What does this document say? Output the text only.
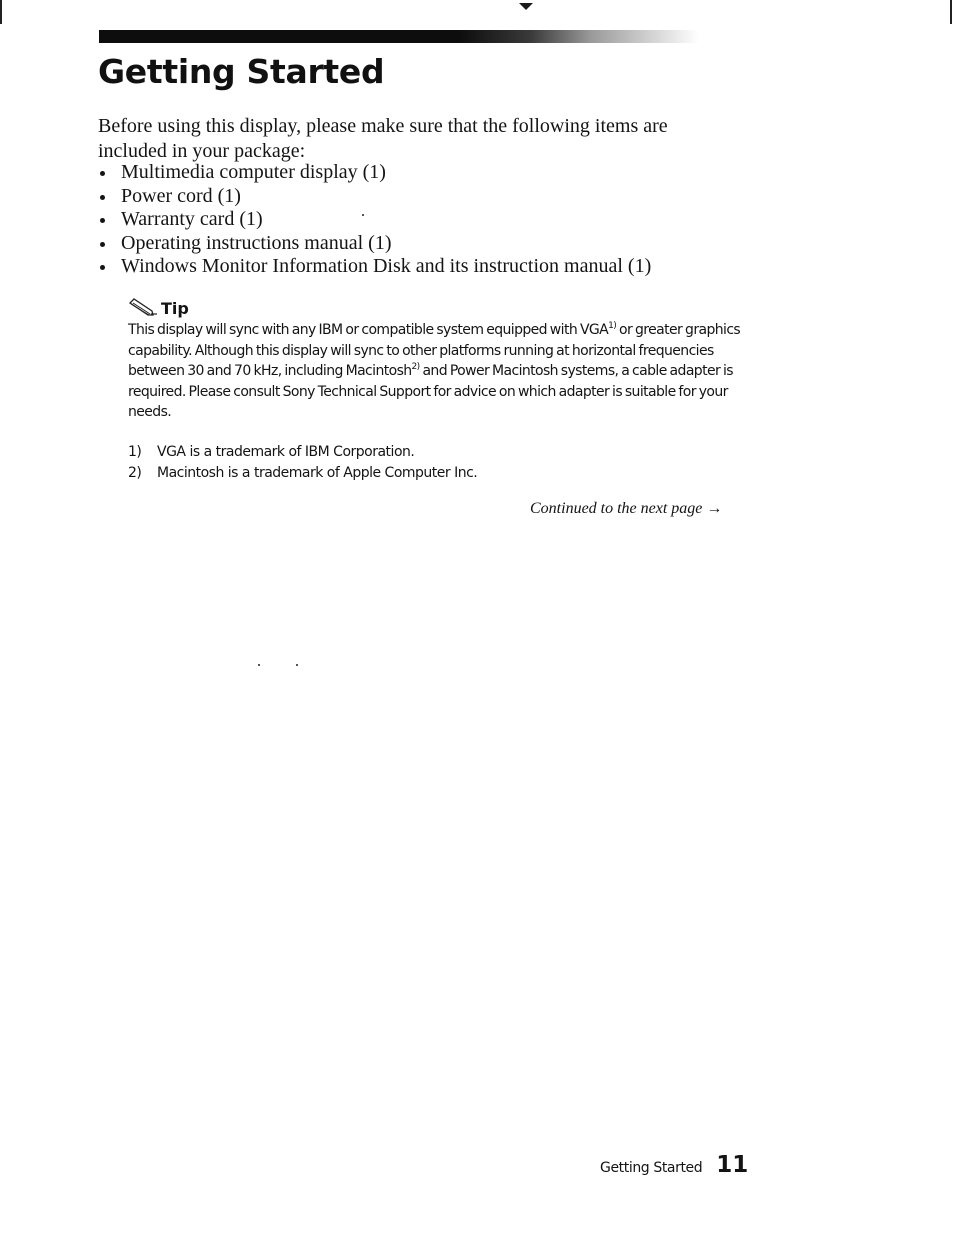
Getting Started

Before using this display, please make sure that the following items are included in your package:

Multimedia computer display (1)
Power cord (1)
Warranty card (1)
Operating instructions manual (1)
Windows Monitor Information Disk and its instruction manual (1)
Tip

This display will sync with any IBM or compatible system equipped with VGA$^{1)}$ or greater graphics capability. Although this display will sync to other platforms running at horizontal frequencies between 30 and 70 kHz, including Macintosh$^{2)}$ and Power Macintosh systems, a cable adapter is required. Please consult Sony Technical Support for advice on which adapter is suitable for your needs.

1)	VGA is a trademark of IBM Corporation.
2)	Macintosh is a trademark of Apple Computer Inc.
Continued to the next page →
Getting Started 11
